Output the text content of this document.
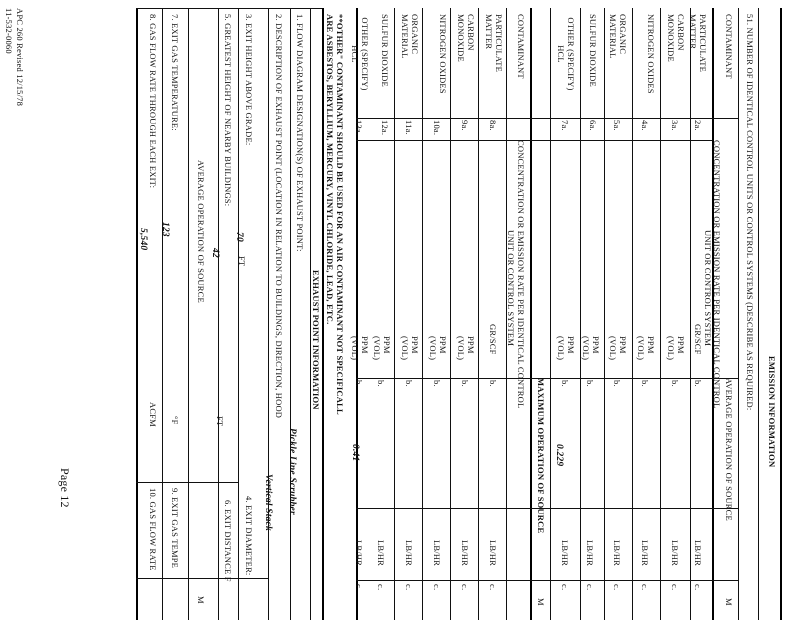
11-532-0060 APC 260 Revised 12/15/78
Page 12
EXHAUST POINT INFORMATION
1. FLOW DIAGRAM DESIGNATION(S) OF EXHAUST POINT:
Pickle Line Scrubber
2. DESCRIPTION OF EXHAUST POINT (LOCATION IN RELATION TO BUILDINGS, DIRECTION, HOOD
Vertical Stack
3. EXIT HEIGHT ABOVE GRADE:
70
FT
4. EXIT DIAMETER:
5. GREATEST HEIGHT OF NEARBY BUILDINGS:
42
FT
6. EXIT DISTANCE F
AVERAGE OPERATION OF SOURCE
M
7. EXIT GAS TEMPERATURE:
123
°F
9. EXIT GAS TEMPE
8. GAS FLOW RATE THROUGH EACH EXIT:
5,540
ACFM
10. GAS FLOW RATE
**OTHER" CONTAMINANT SHOULD BE USED FOR AN AIR CONTAMINANT NOT SPECIFICALL
ARE ASBESTOS, BERYLLIUM, MERCURY, VINYL CHLORIDE, LEAD, ETC.
EMISSION INFORMATION
51. NUMBER OF IDENTICAL CONTROL UNITS OR CONTROL SYSTEMS (DESCRIBE AS REQUIRED:
CONTAMINANT
AVERAGE OPERATION OF SOURCE
CONCENTRATION OR EMISSION RATE PER IDENTICAL CONTROL
UNIT OR CONTROL SYSTEM
M
PARTICULATE MATTER
2a.
GR/SCF
b.
LB/HR
c.
CARBON MONOXIDE
3a.
PPM (VOL)
b.
LB/HR
c.
NITROGEN OXIDES
4a.
PPM (VOL)
b.
LB/HR
c.
ORGANIC MATERIAL
5a.
PPM (VOL)
b.
LB/HR
c.
SULFUR DIOXIDE
6a.
PPM (VOL)
b.
LB/HR
c.
OTHER (SPECIFY) HCL
7a.
PPM (VOL)
b.
0.229
LB/HR
c.
MAXIMUM OPERATION OF SOURCE
CONCENTRATION OR EMISSION RATE PER IDENTICAL CONTROL
UNIT OR CONTROL SYSTEM
CONTAMINANT
M
PARTICULATE MATTER
8a.
GR/SCF
b.
LB/HR
c.
CARBON MONOXIDE
9a.
PPM (VOL)
b.
LB/HR
c.
NITROGEN OXIDES
10a.
PPM (VOL)
b.
LB/HR
c.
ORGANIC MATERIAL
11a.
PPM (VOL)
b.
LB/HR
c.
SULFUR DIOXIDE
12a.
PPM (VOL)
b.
LB/HR
c.
OTHER (SPECIFY) HCL
13a.
PPM (VOL)
b.
0.41
LB/HR
c.
